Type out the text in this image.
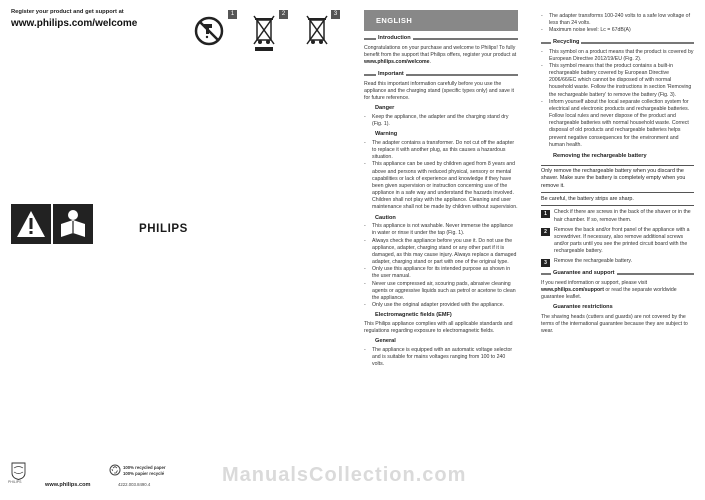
Register your product and get support at
www.philips.com/welcome
1	2	3
PHILIPS
PHILIPS	www.philips.com
100% recycled paper
100% papier recyclé
4222.003.8490.4
ENGLISH
Introduction

Congratulations on your purchase and welcome to Philips! To fully benefit from the support that Philips offers, register your product at www.philips.com/welcome.

Important

Read this important information carefully before you use the appliance and the charging stand (specific types only) and save it for future reference.

Danger
- Keep the appliance, the adapter and the charging stand dry (Fig. 1).
Warning
- The adapter contains a transformer. Do not cut off the adapter to replace it with another plug, as this causes a hazardous situation.
- This appliance can be used by children aged from 8 years and above and persons with reduced physical, sensory or mental capabilities or lack of experience and knowledge if they have been given supervision or instruction concerning use of the appliance in a safe way and understand the hazards involved. Children shall not play with the appliance. Cleaning and user maintenance shall not be made by children without supervision.
Caution
- This appliance is not washable. Never immerse the appliance in water or rinse it under the tap (Fig. 1).
- Always check the appliance before you use it. Do not use the appliance, adapter, charging stand or any other part if it is damaged, as this may cause injury. Always replace a damaged adapter, charging stand or part with one of the original type.
- Only use this appliance for its intended purpose as shown in the user manual.
- Never use compressed air, scouring pads, abrasive cleaning agents or aggressive liquids such as petrol or acetone to clean the appliance.
- Only use the original adapter provided with the appliance.
Electromagnetic fields (EMF)

This Philips appliance complies with all applicable standards and regulations regarding exposure to electromagnetic fields.

General
- The appliance is equipped with an automatic voltage selector and is suitable for mains voltages ranging from 100 to 240 volts.
- The adapter transforms 100-240 volts to a safe low voltage of less than 24 volts.
- Maximum noise level: Lc = 67dB(A)
Recycling
- This symbol on a product means that the product is covered by European Directive 2012/19/EU (Fig. 2).
- This symbol means that the product contains a built-in rechargeable battery covered by European Directive 2006/66/EC which cannot be disposed of with normal household waste. Follow the instructions in section 'Removing the rechargeable battery' to remove the battery (Fig. 3).
- Inform yourself about the local separate collection system for electrical and electronic products and rechargeable batteries. Follow local rules and never dispose of the product and rechargeable batteries with normal household waste. Correct disposal of old products and rechargeable batteries helps prevent negative consequences for the environment and human health.
Removing the rechargeable battery
Only remove the rechargeable battery when you discard the shaver. Make sure the battery is completely empty when you remove it.
Be careful, the battery strips are sharp.
1	Check if there are screws in the back of the shaver or in the hair chamber. If so, remove them.
2	Remove the back and/or front panel of the appliance with a screwdriver. If necessary, also remove additional screws and/or parts until you see the printed circuit board with the rechargeable battery.
3	Remove the rechargeable battery.
Guarantee and support

If you need information or support, please visit www.philips.com/support or read the separate worldwide guarantee leaflet.

Guarantee restrictions

The shaving heads (cutters and guards) are not covered by the terms of the international guarantee because they are subject to wear.

ManualsCollection.com
